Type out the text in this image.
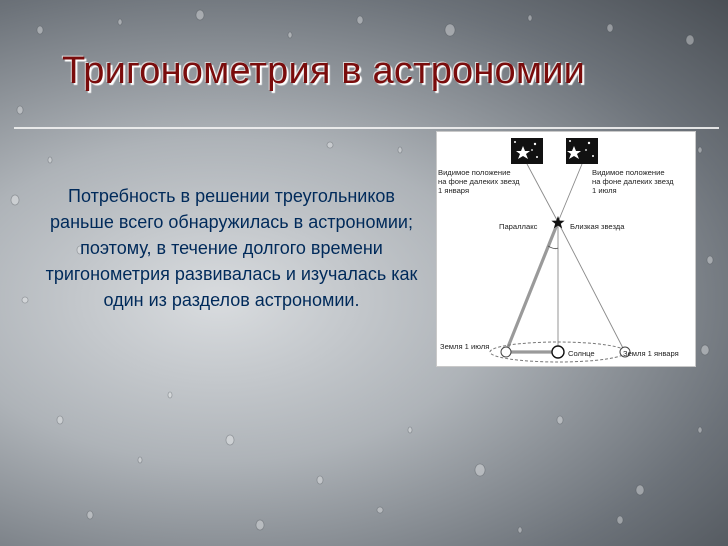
Тригонометрия в астрономии

Потребность в решении треугольников раньше всего обнаружилась в астрономии; поэтому, в течение долгого времени тригонометрия развивалась и изучалась как один из разделов астрономии.

Видимое положение
на фоне далеких звезд
1 января
Видимое положение
на фоне далеких звезд
1 июля
Параллакс	Близкая звезда
Земля 1 июля
Солнце	Земля 1 января
